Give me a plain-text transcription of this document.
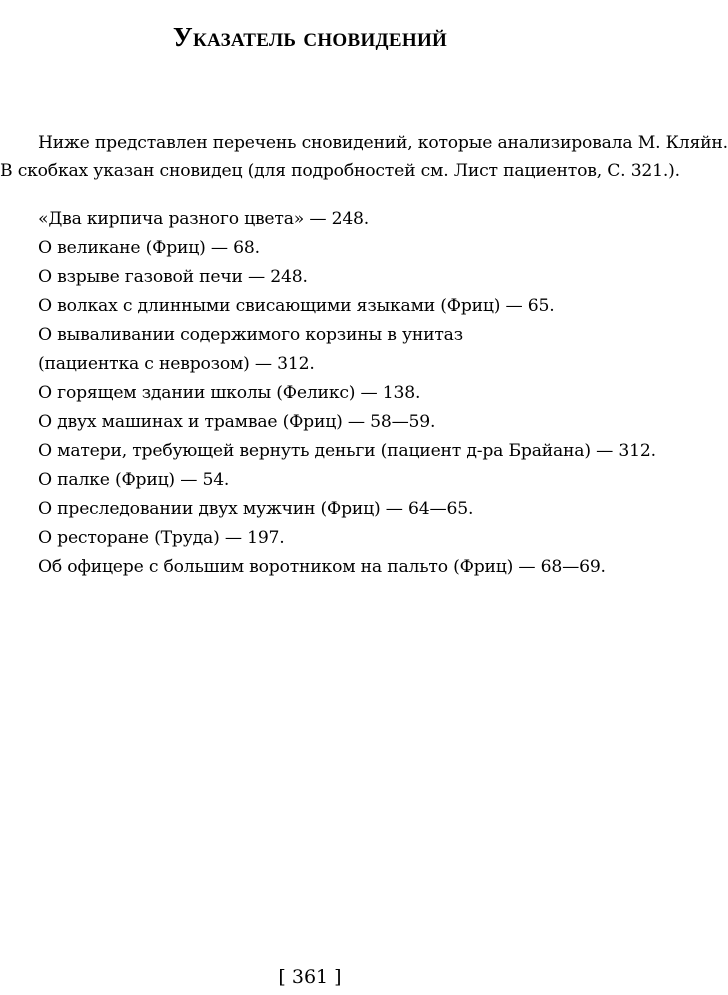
Указатель сновидений
Ниже представлен перечень сновидений, которые анализировала М. Кляйн.
В скобках указан сновидец (для подробностей см. Лист пациентов, С. 321.).
«Два кирпича разного цвета» — 248.
О великане (Фриц) — 68.
О взрыве газовой печи — 248.
О волках с длинными свисающими языками (Фриц) — 65.
О вываливании содержимого корзины в унитаз
(пациентка с неврозом) — 312.
О горящем здании школы (Феликс) — 138.
О двух машинах и трамвае (Фриц) — 58—59.
О матери, требующей вернуть деньги (пациент д-ра Брайана) — 312.
О палке (Фриц) — 54.
О преследовании двух мужчин (Фриц) — 64—65.
О ресторане (Труда) — 197.
Об офицере с большим воротником на пальто (Фриц) — 68—69.
[ 361 ]
